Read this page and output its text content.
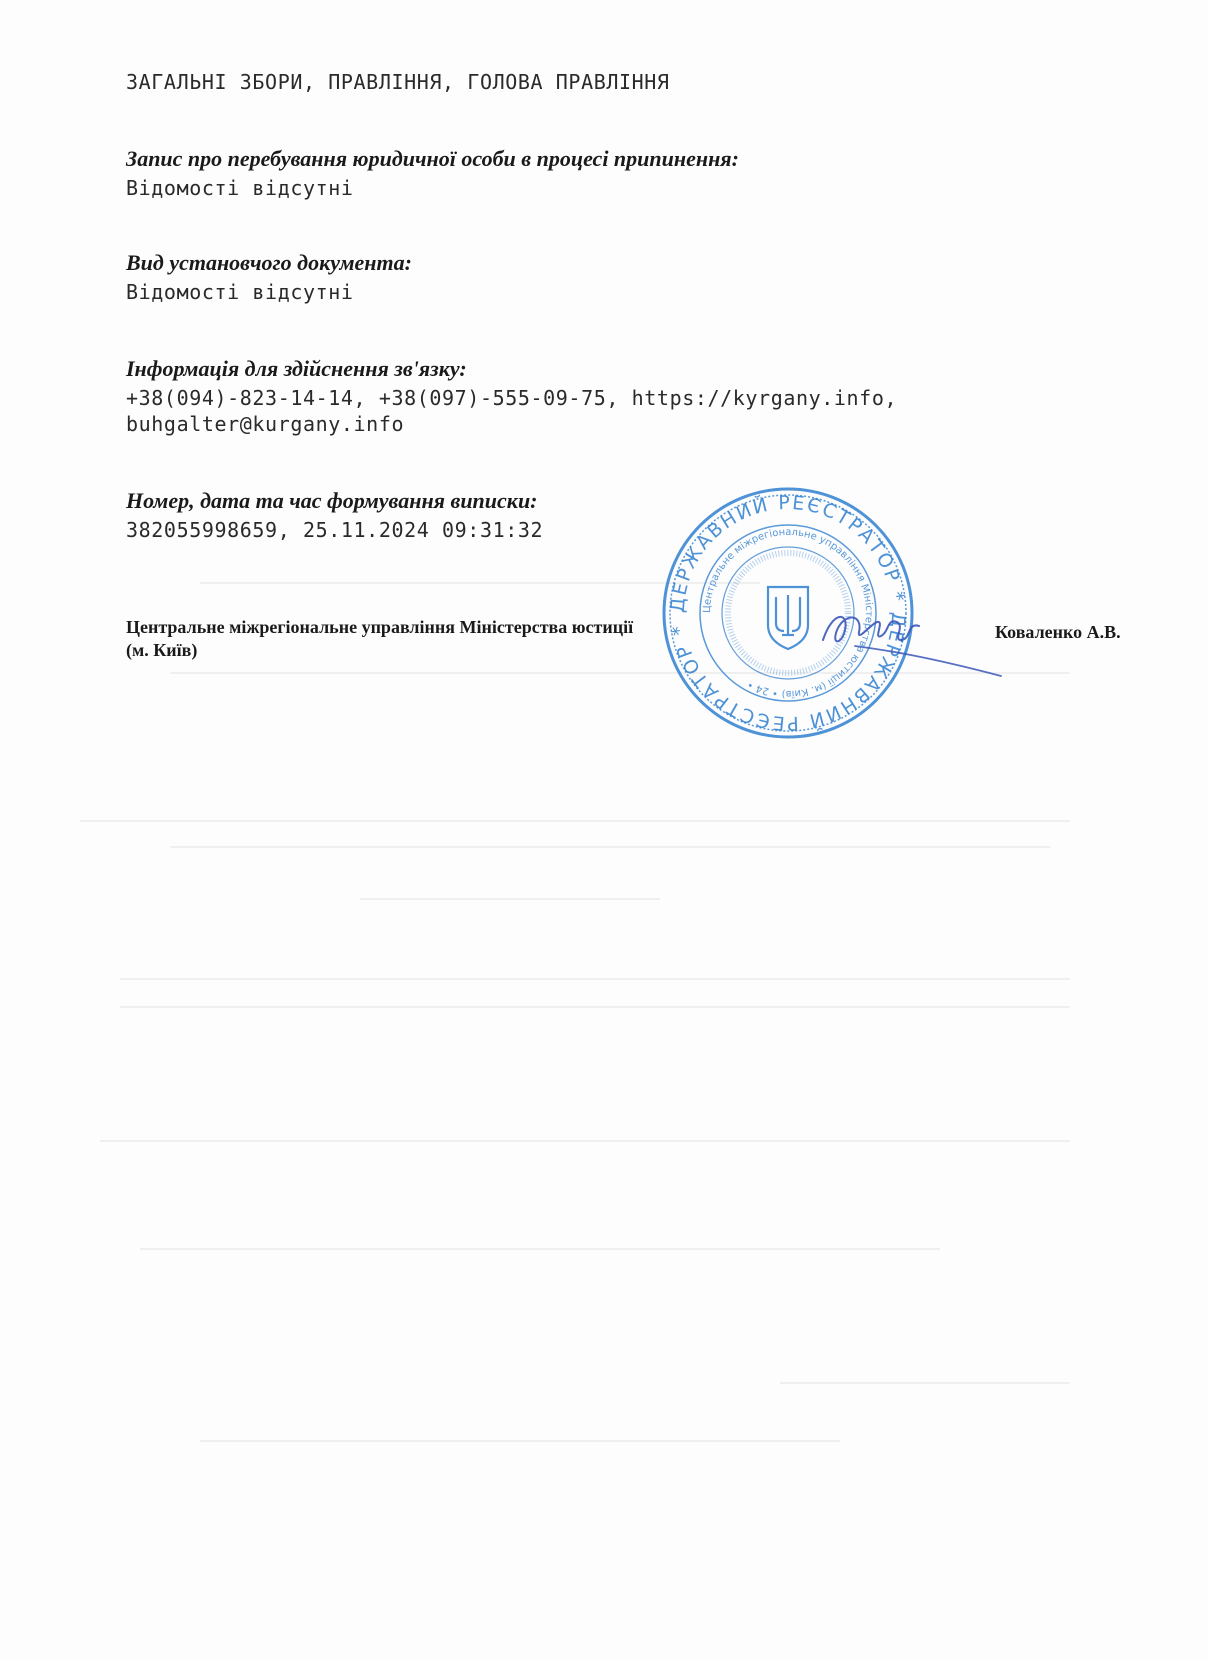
ЗАГАЛЬНІ ЗБОРИ, ПРАВЛІННЯ, ГОЛОВА ПРАВЛІННЯ
Запис про перебування юридичної особи в процесі припинення:
Відомості відсутні
Вид установчого документа:
Відомості відсутні
Інформація для здійснення зв'язку:
+38(094)-823-14-14, +38(097)-555-09-75, https://kyrgany.info,
buhgalter@kurgany.info
Номер, дата та час формування виписки:
382055998659, 25.11.2024 09:31:32
Центральне міжрегіональне управління Міністерства юстиції (м. Київ)
ДЕРЖАВНИЙ РЕЄСТРАТОР * ДЕРЖАВНИЙ РЕЄСТРАТОР *
Центральне міжрегіональне управління Міністерства юстиції (м. Київ) • 24 •
Коваленко А.В.
